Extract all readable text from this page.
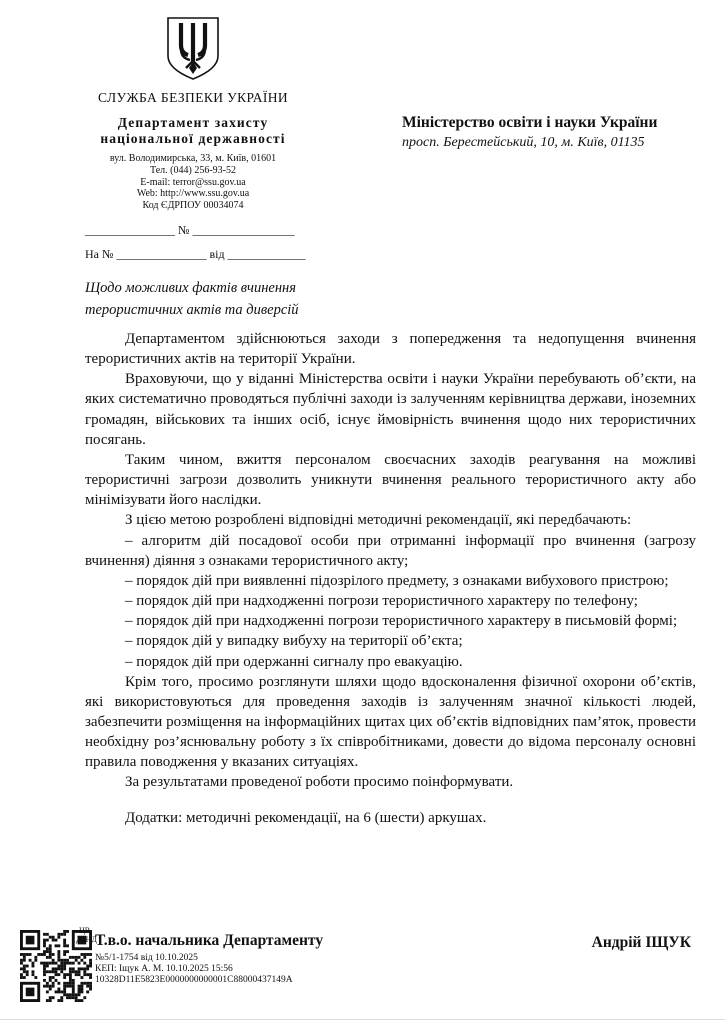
СЛУЖБА БЕЗПЕКИ УКРАЇНИ
Департамент захисту
національної державності
вул. Володимирська, 33, м. Київ, 01601
Тел. (044) 256-93-52
E-mail: terror@ssu.gov.ua
Web: http://www.ssu.gov.ua
Код ЄДРПОУ 00034074
_______________ № _________________
На № _______________ від _____________
Міністерство освіти і науки України
просп. Берестейський, 10, м. Київ, 01135
Щодо можливих фактів вчинення
терористичних актів та диверсій

Департаментом здійснюються заходи з попередження та недопущення вчинення терористичних актів на території України.

Враховуючи, що у віданні Міністерства освіти і науки України перебувають об’єкти, на яких систематично проводяться публічні заходи із залученням керівництва держави, іноземних громадян, військових та інших осіб, існує ймовірність вчинення щодо них терористичних посягань.

Таким чином, вжиття персоналом своєчасних заходів реагування на можливі терористичні загрози дозволить уникнути вчинення реального терористичного акту або мінімізувати його наслідки.

З цією метою розроблені відповідні методичні рекомендації, які передбачають:

– алгоритм дій посадової особи при отриманні інформації про вчинення (загрозу вчинення) діяння з ознаками терористичного акту;

– порядок дій при виявленні підозрілого предмету, з ознаками вибухового пристрою;

– порядок дій при надходженні погрози терористичного характеру по телефону;

– порядок дій при надходженні погрози терористичного характеру в письмовій формі;

– порядок дій у випадку вибуху на території об’єкта;

– порядок дій при одержанні сигналу про евакуацію.

Крім того, просимо розглянути шляхи щодо вдосконалення фізичної охорони об’єктів, які використовуються для проведення заходів із залученням значної кількості людей, забезпечити розміщення на інформаційних щитах цих об’єктів відповідних пам’яток, провести необхідну роз’яснювальну роботу з їх співробітниками, довести до відома персоналу основні правила поводження у вказаних ситуаціях.

За результатами проведеної роботи просимо поінформувати.

Додатки: методичні рекомендації, на 6 (шести) аркушах.

ЦВ
ДЗНД
Т.в.о. начальника Департаменту
№5/1-1754 від 10.10.2025
КЕП: Іщук А. М. 10.10.2025 15:56
10328D11E5823E0000000000001C88000437149A
Андрій ІЩУК
